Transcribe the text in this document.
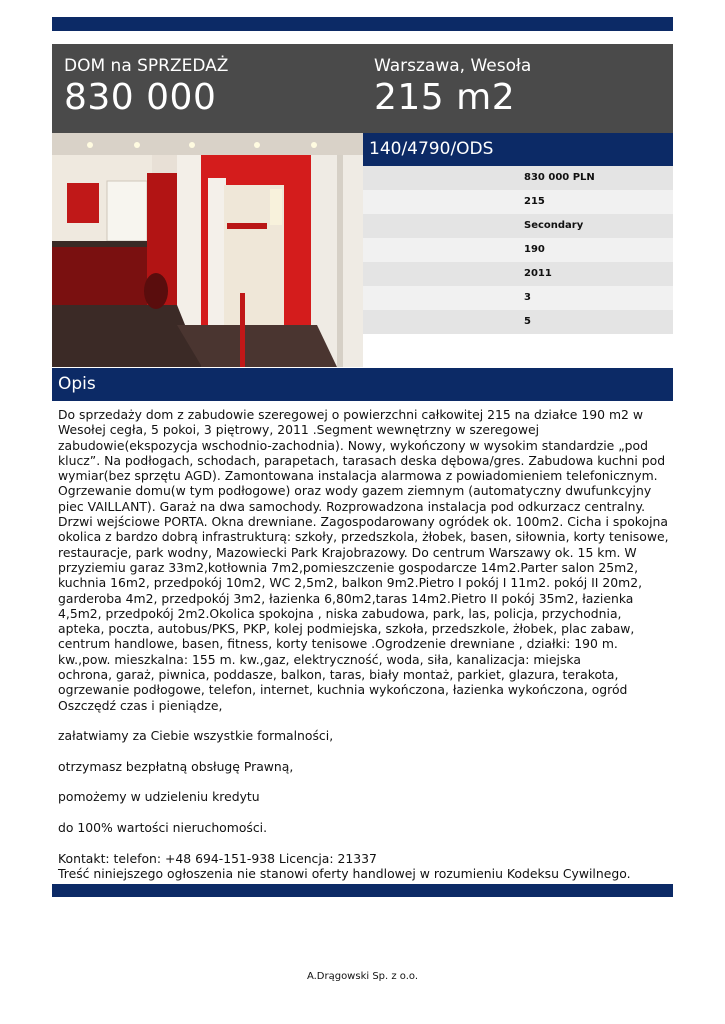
DOM na SPRZEDAŻ
830 000
Warszawa, Wesoła
215 m2
140/4790/ODS
830 000 PLN
215
Secondary
190
2011
3
5
Opis

Do sprzedaży dom z zabudowie szeregowej o powierzchni całkowitej 215 na działce 190 m2 w Wesołej cegła, 5 pokoi, 3 piętrowy, 2011 .Segment wewnętrzny w szeregowej zabudowie(ekspozycja wschodnio-zachodnia). Nowy, wykończony w wysokim standardzie „pod klucz”. Na podłogach, schodach, parapetach, tarasach deska dębowa/gres. Zabudowa kuchni pod wymiar(bez sprzętu AGD). Zamontowana instalacja alarmowa z powiadomieniem telefonicznym. Ogrzewanie domu(w tym podłogowe) oraz wody gazem ziemnym (automatyczny dwufunkcyjny piec VAILLANT). Garaż na dwa samochody. Rozprowadzona instalacja pod odkurzacz centralny. Drzwi wejściowe PORTA. Okna drewniane. Zagospodarowany ogródek ok. 100m2. Cicha i spokojna okolica z bardzo dobrą infrastrukturą: szkoły, przedszkola, żłobek, basen, siłownia, korty tenisowe, restauracje, park wodny, Mazowiecki Park Krajobrazowy. Do centrum Warszawy ok. 15 km. W przyziemiu garaz 33m2,kotłownia 7m2,pomieszczenie gospodarcze 14m2.Parter salon 25m2, kuchnia 16m2, przedpokój 10m2, WC 2,5m2, balkon 9m2.Pietro I pokój I 11m2. pokój II 20m2, garderoba 4m2, przedpokój 3m2, łazienka 6,80m2,taras 14m2.Pietro II pokój 35m2, łazienka 4,5m2, przedpokój 2m2.Okolica spokojna , niska zabudowa, park, las, policja, przychodnia, apteka, poczta, autobus/PKS, PKP, kolej podmiejska, szkoła, przedszkole, żłobek, plac zabaw, centrum handlowe, basen, fitness, korty tenisowe .Ogrodzenie drewniane , działki: 190 m. kw.,pow. mieszkalna: 155 m. kw.,gaz, elektryczność, woda, siła, kanalizacja: miejska

ochrona, garaż, piwnica, poddasze, balkon, taras, biały montaż, parkiet, glazura, terakota, ogrzewanie podłogowe, telefon, internet, kuchnia wykończona, łazienka wykończona, ogród

Oszczędź czas i pieniądze,

załatwiamy za Ciebie wszystkie formalności,

otrzymasz bezpłatną obsługę Prawną,

pomożemy w udzieleniu kredytu

do 100% wartości nieruchomości.

Kontakt: telefon: +48 694-151-938 Licencja: 21337

Treść niniejszego ogłoszenia nie stanowi oferty handlowej w rozumieniu Kodeksu Cywilnego.

A.Drągowski Sp. z o.o.
